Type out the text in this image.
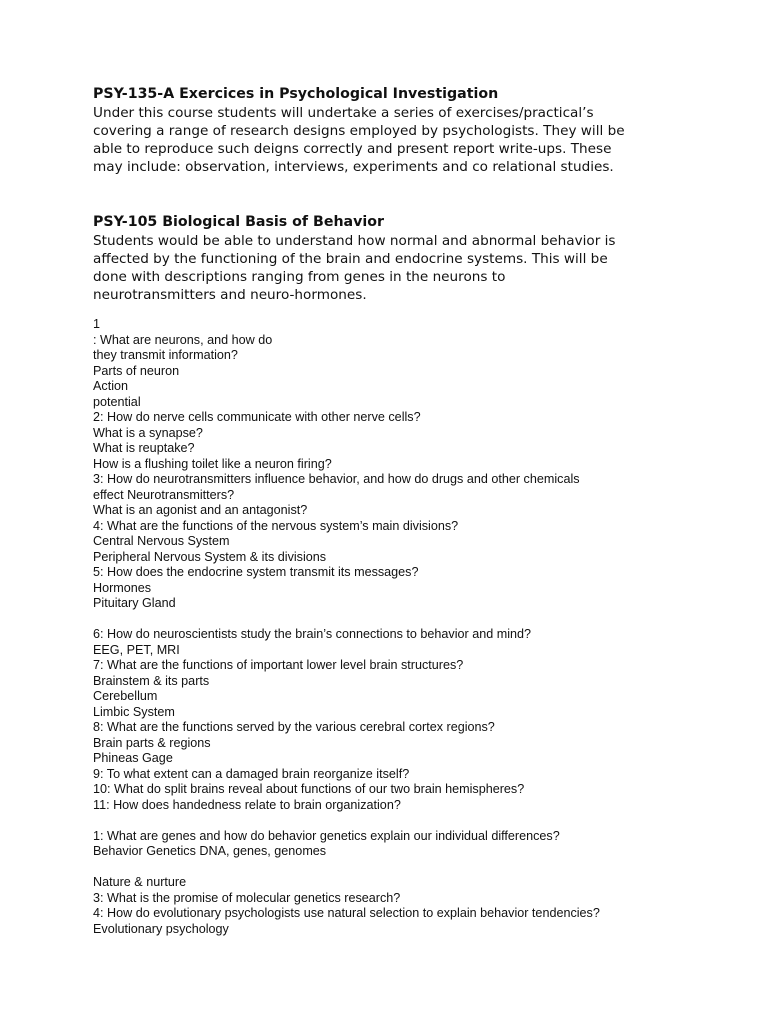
PSY-135-A Exercices in Psychological Investigation

Under this course students will undertake a series of exercises/practical’s
covering a range of research designs employed by psychologists. They will be
able to reproduce such deigns correctly and present report write-ups. These
may include: observation, interviews, experiments and co relational studies.

PSY-105 Biological Basis of Behavior

Students would be able to understand how normal and abnormal behavior is
affected by the functioning of the brain and endocrine systems. This will be
done with descriptions ranging from genes in the neurons to
neurotransmitters and neuro-hormones.

1
: What are neurons, and how do
they transmit information?
Parts of neuron
Action
potential
2: How do nerve cells communicate with other nerve cells?
What is a synapse?
What is reuptake?
How is a flushing toilet like a neuron firing?
3: How do neurotransmitters influence behavior, and how do drugs and other chemicals
effect Neurotransmitters?
What is an agonist and an antagonist?
4: What are the functions of the nervous system’s main divisions?
Central Nervous System
Peripheral Nervous System & its divisions
5: How does the endocrine system transmit its messages?
Hormones
Pituitary Gland
6: How do neuroscientists study the brain’s connections to behavior and mind?
EEG, PET, MRI
7: What are the functions of important lower level brain structures?
Brainstem & its parts
Cerebellum
Limbic System
8: What are the functions served by the various cerebral cortex regions?
Brain parts & regions
Phineas Gage
9: To what extent can a damaged brain reorganize itself?
10: What do split brains reveal about functions of our two brain hemispheres?
11: How does handedness relate to brain organization?
1: What are genes and how do behavior genetics explain our individual differences?
Behavior Genetics DNA, genes, genomes
Nature & nurture
3: What is the promise of molecular genetics research?
4: How do evolutionary psychologists use natural selection to explain behavior tendencies?
Evolutionary psychology
